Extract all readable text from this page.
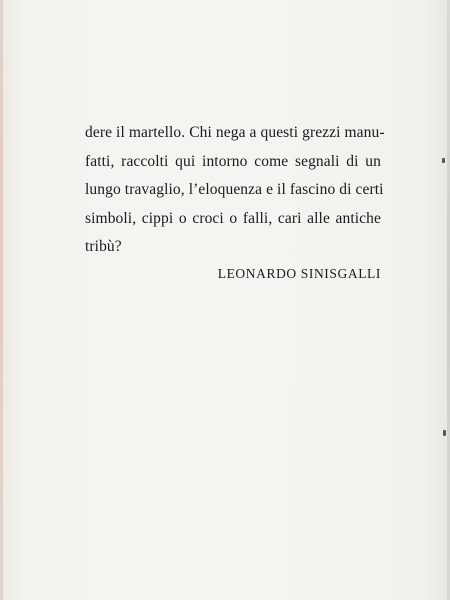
dere il martello. Chi nega a questi grezzi manu-
fatti, raccolti qui intorno come segnali di un
lungo travaglio, l’eloquenza e il fascino di certi
simboli, cippi o croci o falli, cari alle antiche
tribù?
LEONARDO SINISGALLI
